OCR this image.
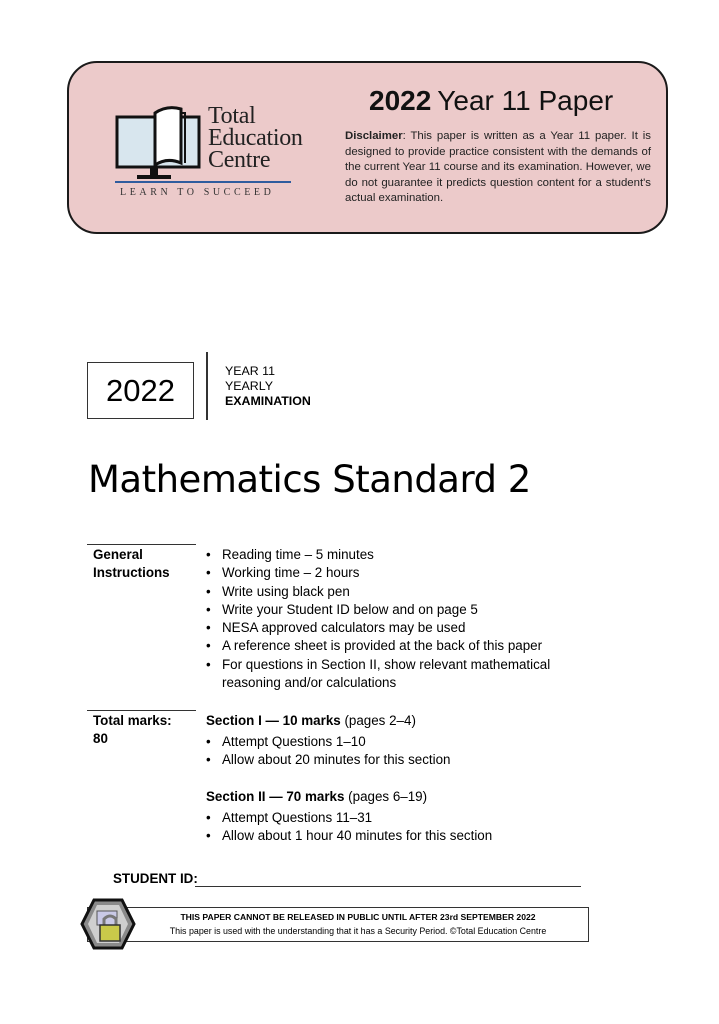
Total
Education
Centre
LEARN TO SUCCEED
2022 Year 11 Paper
Disclaimer: This paper is written as a Year 11 paper. It is designed to provide practice consistent with the demands of the current Year 11 course and its examination. However, we do not guarantee it predicts question content for a student's actual examination.
2022
YEAR 11
YEARLY
EXAMINATION
Mathematics Standard 2
General
Instructions
• Reading time – 5 minutes
• Working time – 2 hours
• Write using black pen
• Write your Student ID below and on page 5
• NESA approved calculators may be used
• A reference sheet is provided at the back of this paper
• For questions in Section II, show relevant mathematical reasoning and/or calculations
Total marks:
80
Section I — 10 marks (pages 2–4)
• Attempt Questions 1–10
• Allow about 20 minutes for this section
Section II — 70 marks (pages 6–19)
• Attempt Questions 11–31
• Allow about 1 hour 40 minutes for this section
STUDENT ID:
THIS PAPER CANNOT BE RELEASED IN PUBLIC UNTIL AFTER 23rd SEPTEMBER 2022
This paper is used with the understanding that it has a Security Period. ©Total Education Centre
